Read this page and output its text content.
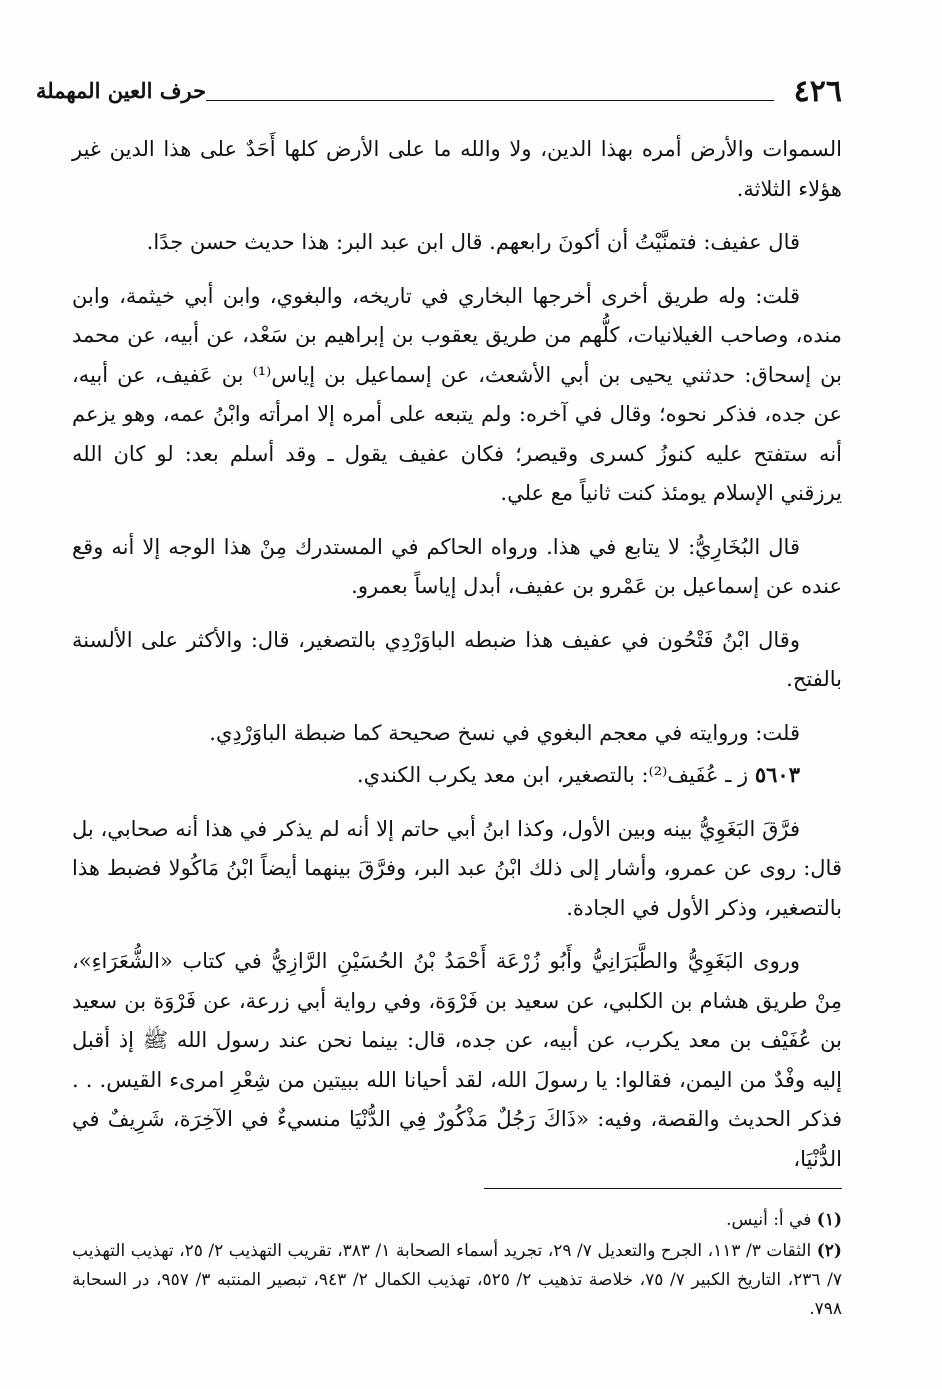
٤٢٦
حرف العين المهملة

السموات والأرض أمره بهذا الدين، ولا والله ما على الأرض كلها أَحَدٌ على هذا الدين غير هؤلاء الثلاثة.

قال عفيف: فتمنَّيْتُ أن أكونَ رابعهم. قال ابن عبد البر: هذا حديث حسن جدًا.

قلت: وله طريق أخرى أخرجها البخاري في تاريخه، والبغوي، وابن أبي خيثمة، وابن منده، وصاحب الغيلانيات، كلُّهم من طريق يعقوب بن إبراهيم بن سَعْد، عن أبيه، عن محمد بن إسحاق: حدثني يحيى بن أبي الأشعث، عن إسماعيل بن إياس⁽¹⁾ بن عَفيف، عن أبيه، عن جده، فذكر نحوه؛ وقال في آخره: ولم يتبعه على أمره إلا امرأته وابْنُ عمه، وهو يزعم أنه ستفتح عليه كنوزُ كسرى وقيصر؛ فكان عفيف يقول ـ وقد أسلم بعد: لو كان الله يرزقني الإسلام يومئذ كنت ثانياً مع علي.

قال البُخَارِيُّ: لا يتابع في هذا. ورواه الحاكم في المستدرك مِنْ هذا الوجه إلا أنه وقع عنده عن إسماعيل بن عَمْرو بن عفيف، أبدل إياساً بعمرو.

وقال ابْنُ فَتْحُون في عفيف هذا ضبطه الباوَرْدِي بالتصغير، قال: والأكثر على الألسنة بالفتح.

قلت: وروايته في معجم البغوي في نسخ صحيحة كما ضبطة الباوَرْدِي.

٥٦٠٣ ز ـ عُفَيف⁽²⁾: بالتصغير، ابن معد يكرب الكندي.

فرَّقَ البَغَوِيُّ بينه وبين الأول، وكذا ابنُ أبي حاتم إلا أنه لم يذكر في هذا أنه صحابي، بل قال: روى عن عمرو، وأشار إلى ذلك ابْنُ عبد البر، وفرَّقَ بينهما أيضاً ابْنُ مَاكُولا فضبط هذا بالتصغير، وذكر الأول في الجادة.

وروى البَغَوِيُّ والطَّبَرَانِيُّ وأَبُو زُرْعَة أَحْمَدُ بْنُ الحُسَيْنِ الرَّازِيُّ في كتاب «الشُّعَرَاءِ»، مِنْ طريق هشام بن الكلبي، عن سعيد بن فَرْوَة، وفي رواية أبي زرعة، عن فَرْوَة بن سعيد بن عُفَيْف بن معد يكرب، عن أبيه، عن جده، قال: بينما نحن عند رسول الله ﷺ إذ أقبل إليه وفْدٌ من اليمن، فقالوا: يا رسولَ الله، لقد أحيانا الله ببيتين من شِعْرِ امرىء القيس. . . فذكر الحديث والقصة، وفيه: «ذَاكَ رَجُلٌ مَذْكُورٌ فِي الدُّنْيَا منسيءٌ في الآخِرَة، شَرِيفٌ في الدُّنْيَا،

(١) في أ: أنيس.

(٢) الثقات ٣/ ١١٣، الجرح والتعديل ٧/ ٢٩، تجريد أسماء الصحابة ١/ ٣٨٣، تقريب التهذيب ٢/ ٢٥، تهذيب التهذيب ٧/ ٢٣٦، التاريخ الكبير ٧/ ٧٥، خلاصة تذهيب ٢/ ٥٢٥، تهذيب الكمال ٢/ ٩٤٣، تبصير المنتبه ٣/ ٩٥٧، در السحابة ٧٩٨.
